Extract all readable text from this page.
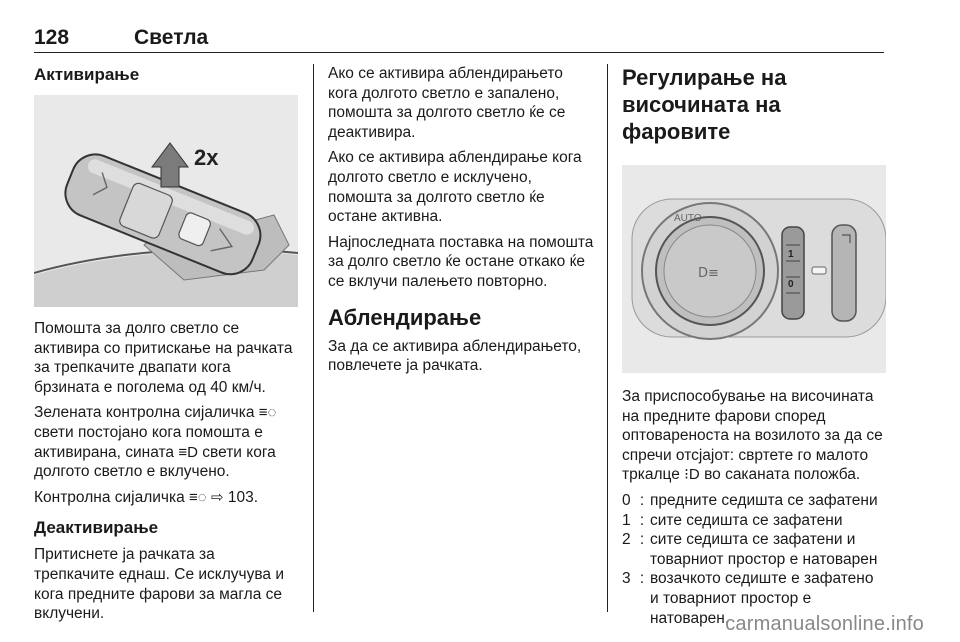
128	Светла
Активирање
2x

Помошта за долго светло се активира со притискање на рачката за трепкачите двапати кога брзината е поголема од 40 км/ч.

Зелената контролна сијаличка ≡◌ свети постојано кога помошта е активирана, сината ≡D свети кога долгото светло е вклучено.

Контролна сијаличка ≡◌ ⇨ 103.

Деактивирање

Притиснете ја рачката за трепкачите еднаш. Се исклучува и кога предните фарови за магла се вклучени.

Ако се активира аблендирањето кога долгото светло е запалено, помошта за долгото светло ќе се деактивира.

Ако се активира аблендирање кога долгото светло е исклучено, помошта за долгото светло ќе остане активна.

Најпоследната поставка на помошта за долго светло ќе остане откако ќе се вклучи палењето повторно.

Аблендирање

За да се активира аблендирањето, повлечете ја рачката.

Регулирање на височината на фаровите
D≡
AUTO
1
0

За приспособување на височината на предните фарови според оптовареноста на возилото за да се спречи отсјајот: свртете го малото тркалце ⁝D во саканата положба.

0 : предните седишта се зафатени
1 : сите седишта се зафатени
2 : сите седишта се зафатени и товарниот простор е натоварен
3 : возачкото седиште е зафатено и товарниот простор е натоварен.
carmanualsonline.info
